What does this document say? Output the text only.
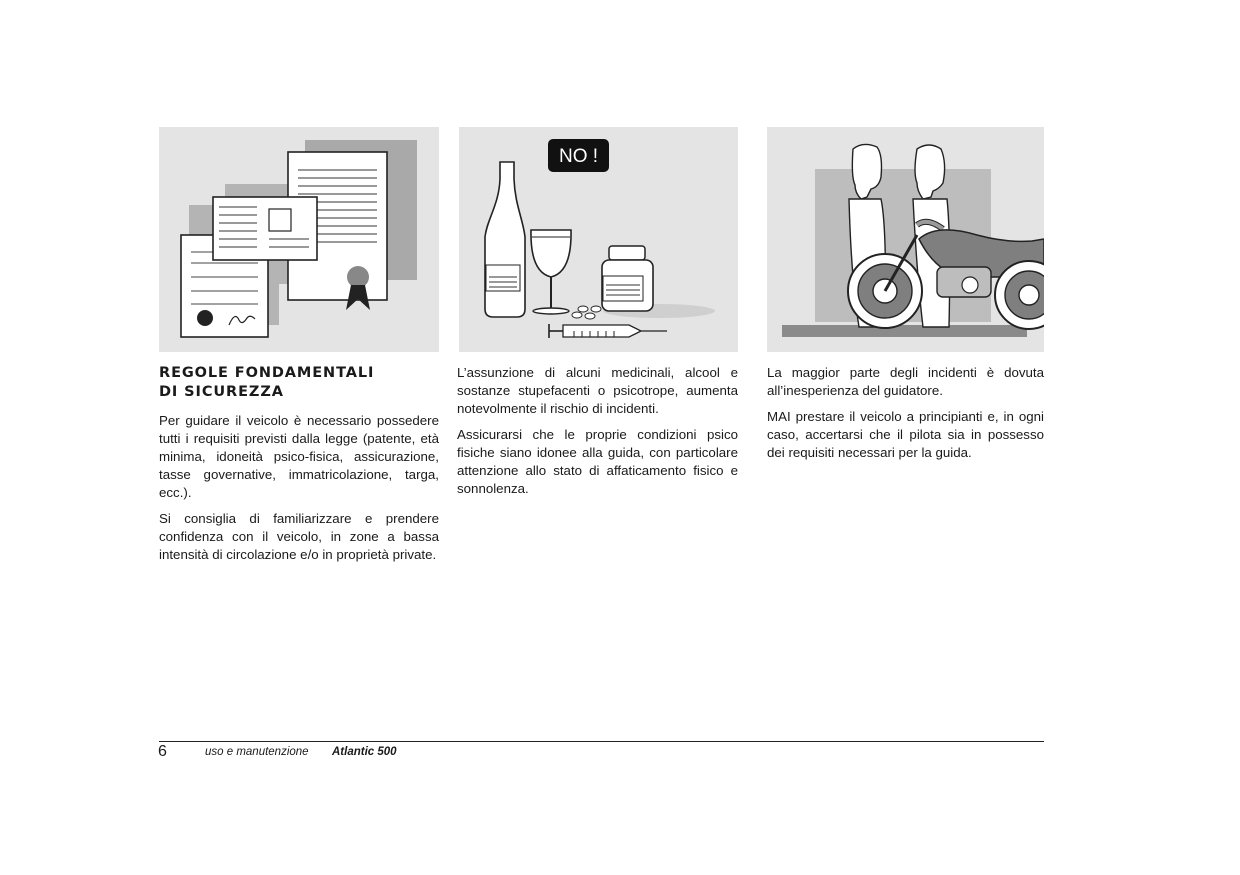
NO !
REGOLE FONDAMENTALI
DI SICUREZZA

Per guidare il veicolo è necessario possedere tutti i requisiti previsti dalla legge (patente, età minima, idoneità psico-fisica, assicurazione, tasse governative, immatricolazione, targa, ecc.).

Si consiglia di familiarizzare e prendere confidenza con il veicolo, in zone a bassa intensità di circolazione e/o in proprietà private.

L’assunzione di alcuni medicinali, alcool e sostanze stupefacenti o psicotrope, aumenta notevolmente il rischio di incidenti.

Assicurarsi che le proprie condizioni psico fisiche siano idonee alla guida, con particolare attenzione allo stato di affaticamento fisico e sonnolenza.

La maggior parte degli incidenti è dovuta all’inesperienza del guidatore.

MAI prestare il veicolo a principianti e, in ogni caso, accertarsi che il pilota sia in possesso dei requisiti necessari per la guida.

6	uso e manutenzione Atlantic 500
